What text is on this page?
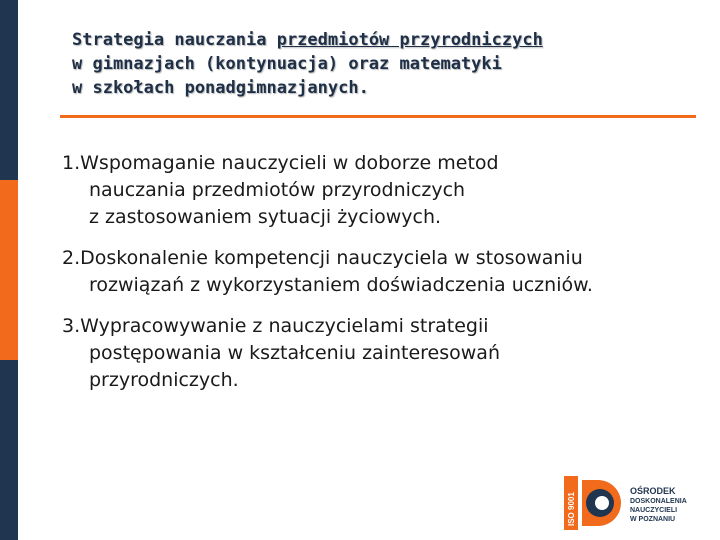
Strategia nauczania przedmiotów przyrodniczych
w gimnazjach (kontynuacja) oraz matematyki
w szkołach ponadgimnazjanych.
1.Wspomaganie nauczycieli w doborze metod
nauczania przedmiotów przyrodniczych
z zastosowaniem sytuacji życiowych.
2.Doskonalenie kompetencji nauczyciela w stosowaniu
rozwiązań z wykorzystaniem doświadczenia uczniów.
3.Wypracowywanie z nauczycielami strategii
postępowania w kształceniu zainteresowań
przyrodniczych.
ISO 9001
OŚRODEK
DOSKONALENIA
NAUCZYCIELI
W POZNANIU
